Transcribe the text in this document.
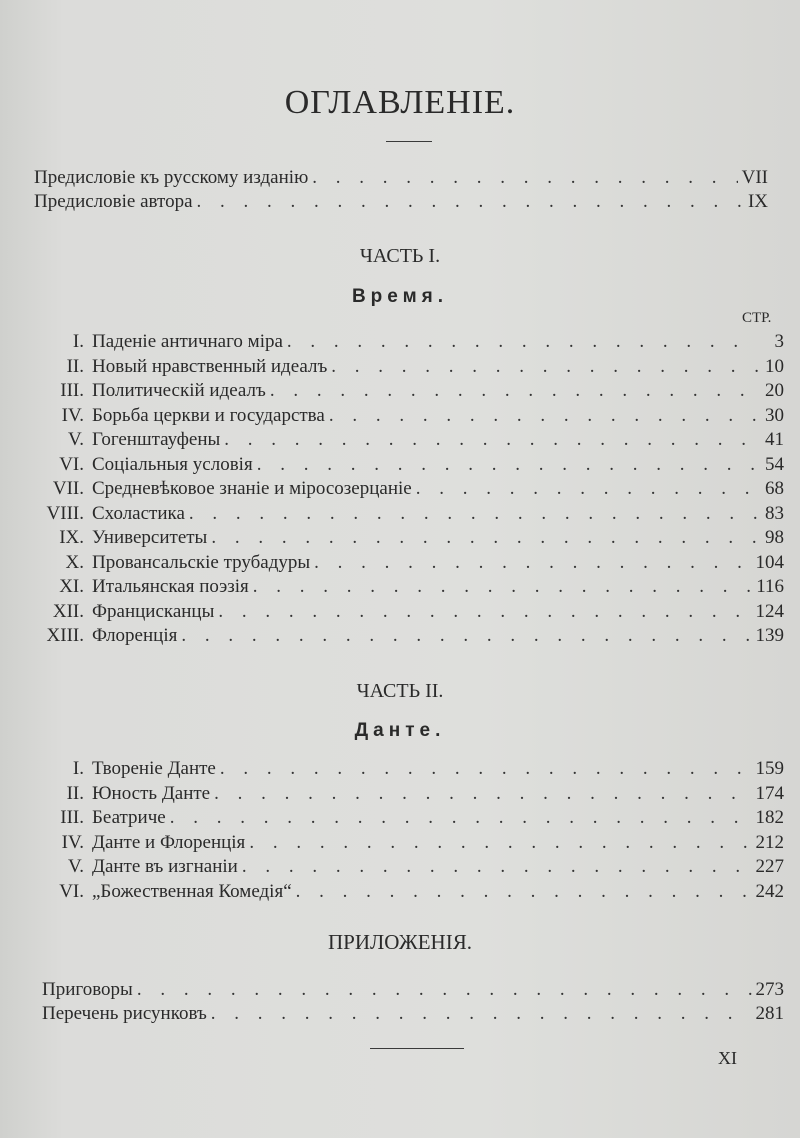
ОГЛАВЛЕНІЕ.
Предисловіе къ русскому изданію . . .	VII
Предисловіе автора . . .	IX
ЧАСТЬ I.
Время.
СТР.
I. Паденіе античнаго міра . . .	3
II. Новый нравственный идеалъ . . .	10
III. Политическій идеалъ . . .	20
IV. Борьба церкви и государства . . .	30
V. Гогенштауфены . . .	41
VI. Соціальныя условія . . .	54
VII. Средневѣковое знаніе и міросозерцаніе . . .	68
VIII. Схоластика . . .	83
IX. Университеты . . .	98
X. Провансальскіе трубадуры . . .	104
XI. Итальянская поэзія . . .	116
XII. Францисканцы . . .	124
XIII. Флоренція . . .	139
ЧАСТЬ II.
Данте.
I. Твореніе Данте . . .	159
II. Юность Данте . . .	174
III. Беатриче . . .	182
IV. Данте и Флоренція . . .	212
V. Данте въ изгнаніи . . .	227
VI. „Божественная Комедія“ . . .	242
ПРИЛОЖЕНІЯ.
Приговоры . . .	273
Перечень рисунковъ . . .	281
XI
